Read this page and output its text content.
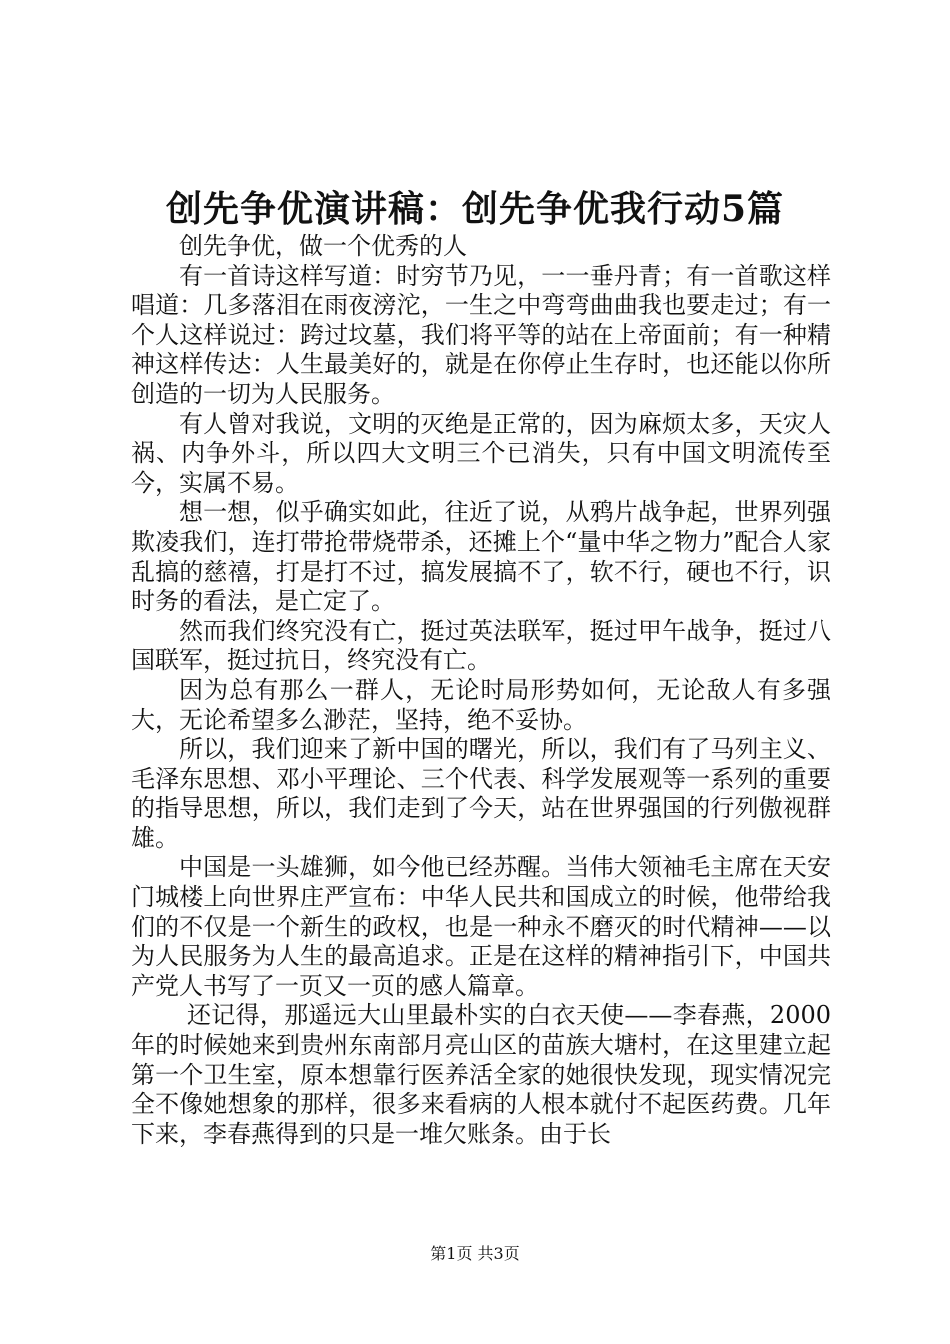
创先争优演讲稿：创先争优我行动5篇

创先争优，做一个优秀的人

有一首诗这样写道：时穷节乃见，一一垂丹青；有一首歌这样唱道：几多落泪在雨夜滂沱，一生之中弯弯曲曲我也要走过；有一个人这样说过：跨过坟墓，我们将平等的站在上帝面前；有一种精神这样传达：人生最美好的，就是在你停止生存时，也还能以你所创造的一切为人民服务。

有人曾对我说，文明的灭绝是正常的，因为麻烦太多，天灾人祸、内争外斗，所以四大文明三个已消失，只有中国文明流传至今，实属不易。

想一想，似乎确实如此，往近了说，从鸦片战争起，世界列强欺凌我们，连打带抢带烧带杀，还摊上个“量中华之物力”配合人家乱搞的慈禧，打是打不过，搞发展搞不了，软不行，硬也不行，识时务的看法，是亡定了。

然而我们终究没有亡，挺过英法联军，挺过甲午战争，挺过八国联军，挺过抗日，终究没有亡。

因为总有那么一群人，无论时局形势如何，无论敌人有多强大，无论希望多么渺茫，坚持，绝不妥协。

所以，我们迎来了新中国的曙光，所以，我们有了马列主义、毛泽东思想、邓小平理论、三个代表、科学发展观等一系列的重要的指导思想，所以，我们走到了今天，站在世界强国的行列傲视群雄。

中国是一头雄狮，如今他已经苏醒。当伟大领袖毛主席在天安门城楼上向世界庄严宣布：中华人民共和国成立的时候，他带给我们的不仅是一个新生的政权，也是一种永不磨灭的时代精神——以为人民服务为人生的最高追求。正是在这样的精神指引下，中国共产党人书写了一页又一页的感人篇章。

还记得，那遥远大山里最朴实的白衣天使——李春燕，2000年的时候她来到贵州东南部月亮山区的苗族大塘村，在这里建立起第一个卫生室，原本想靠行医养活全家的她很快发现，现实情况完全不像她想象的那样，很多来看病的人根本就付不起医药费。几年下来，李春燕得到的只是一堆欠账条。由于长

第1页 共3页
